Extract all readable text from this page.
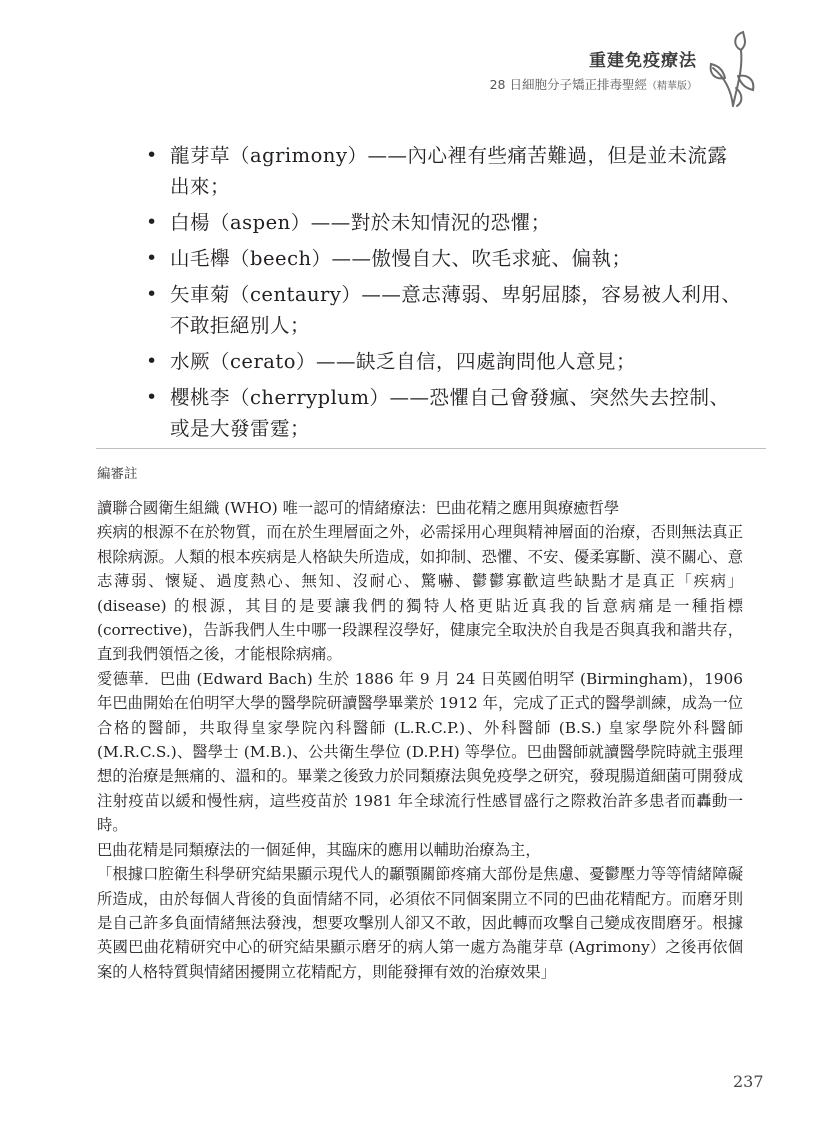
重建免疫療法
28 日細胞分子矯正排毒聖經（精華版）
• 龍芽草（agrimony）——內心裡有些痛苦難過，但是並未流露出來；
• 白楊（aspen）——對於未知情況的恐懼；
• 山毛櫸（beech）——傲慢自大、吹毛求疵、偏執；
• 矢車菊（centaury）——意志薄弱、卑躬屈膝，容易被人利用、不敢拒絕別人；
• 水厥（cerato）——缺乏自信，四處詢問他人意見；
• 櫻桃李（cherryplum）——恐懼自己會發瘋、突然失去控制、或是大發雷霆；
編審註

讀聯合國衛生組織 (WHO) 唯一認可的情緒療法：巴曲花精之應用與療癒哲學

疾病的根源不在於物質，而在於生理層面之外，必需採用心理與精神層面的治療，否則無法真正根除病源。人類的根本疾病是人格缺失所造成，如抑制、恐懼、不安、優柔寡斷、漠不關心、意志薄弱、懷疑、過度熱心、無知、沒耐心、驚嚇、鬱鬱寡歡這些缺點才是真正「疾病」(disease) 的根源，其目的是要讓我們的獨特人格更貼近真我的旨意病痛是一種指標 (corrective)，告訴我們人生中哪一段課程沒學好，健康完全取決於自我是否與真我和諧共存，直到我們領悟之後，才能根除病痛。

愛德華．巴曲 (Edward Bach) 生於 1886 年 9 月 24 日英國伯明罕 (Birmingham)，1906 年巴曲開始在伯明罕大學的醫學院研讀醫學畢業於 1912 年，完成了正式的醫學訓練，成為一位合格的醫師，共取得皇家學院內科醫師 (L.R.C.P.)、外科醫師 (B.S.) 皇家學院外科醫師 (M.R.C.S.)、醫學士 (M.B.)、公共衛生學位 (D.P.H) 等學位。巴曲醫師就讀醫學院時就主張理想的治療是無痛的、溫和的。畢業之後致力於同類療法與免疫學之研究，發現腸道細菌可開發成注射疫苗以緩和慢性病，這些疫苗於 1981 年全球流行性感冒盛行之際救治許多患者而轟動一時。

巴曲花精是同類療法的一個延伸，其臨床的應用以輔助治療為主，

「根據口腔衛生科學研究結果顯示現代人的顳顎關節疼痛大部份是焦慮、憂鬱壓力等等情緒障礙所造成，由於每個人背後的負面情緒不同，必須依不同個案開立不同的巴曲花精配方。而磨牙則是自己許多負面情緒無法發洩，想要攻擊別人卻又不敢，因此轉而攻擊自己變成夜間磨牙。根據英國巴曲花精研究中心的研究結果顯示磨牙的病人第一處方為龍芽草 (Agrimony）之後再依個案的人格特質與情緒困擾開立花精配方，則能發揮有效的治療效果」

237
